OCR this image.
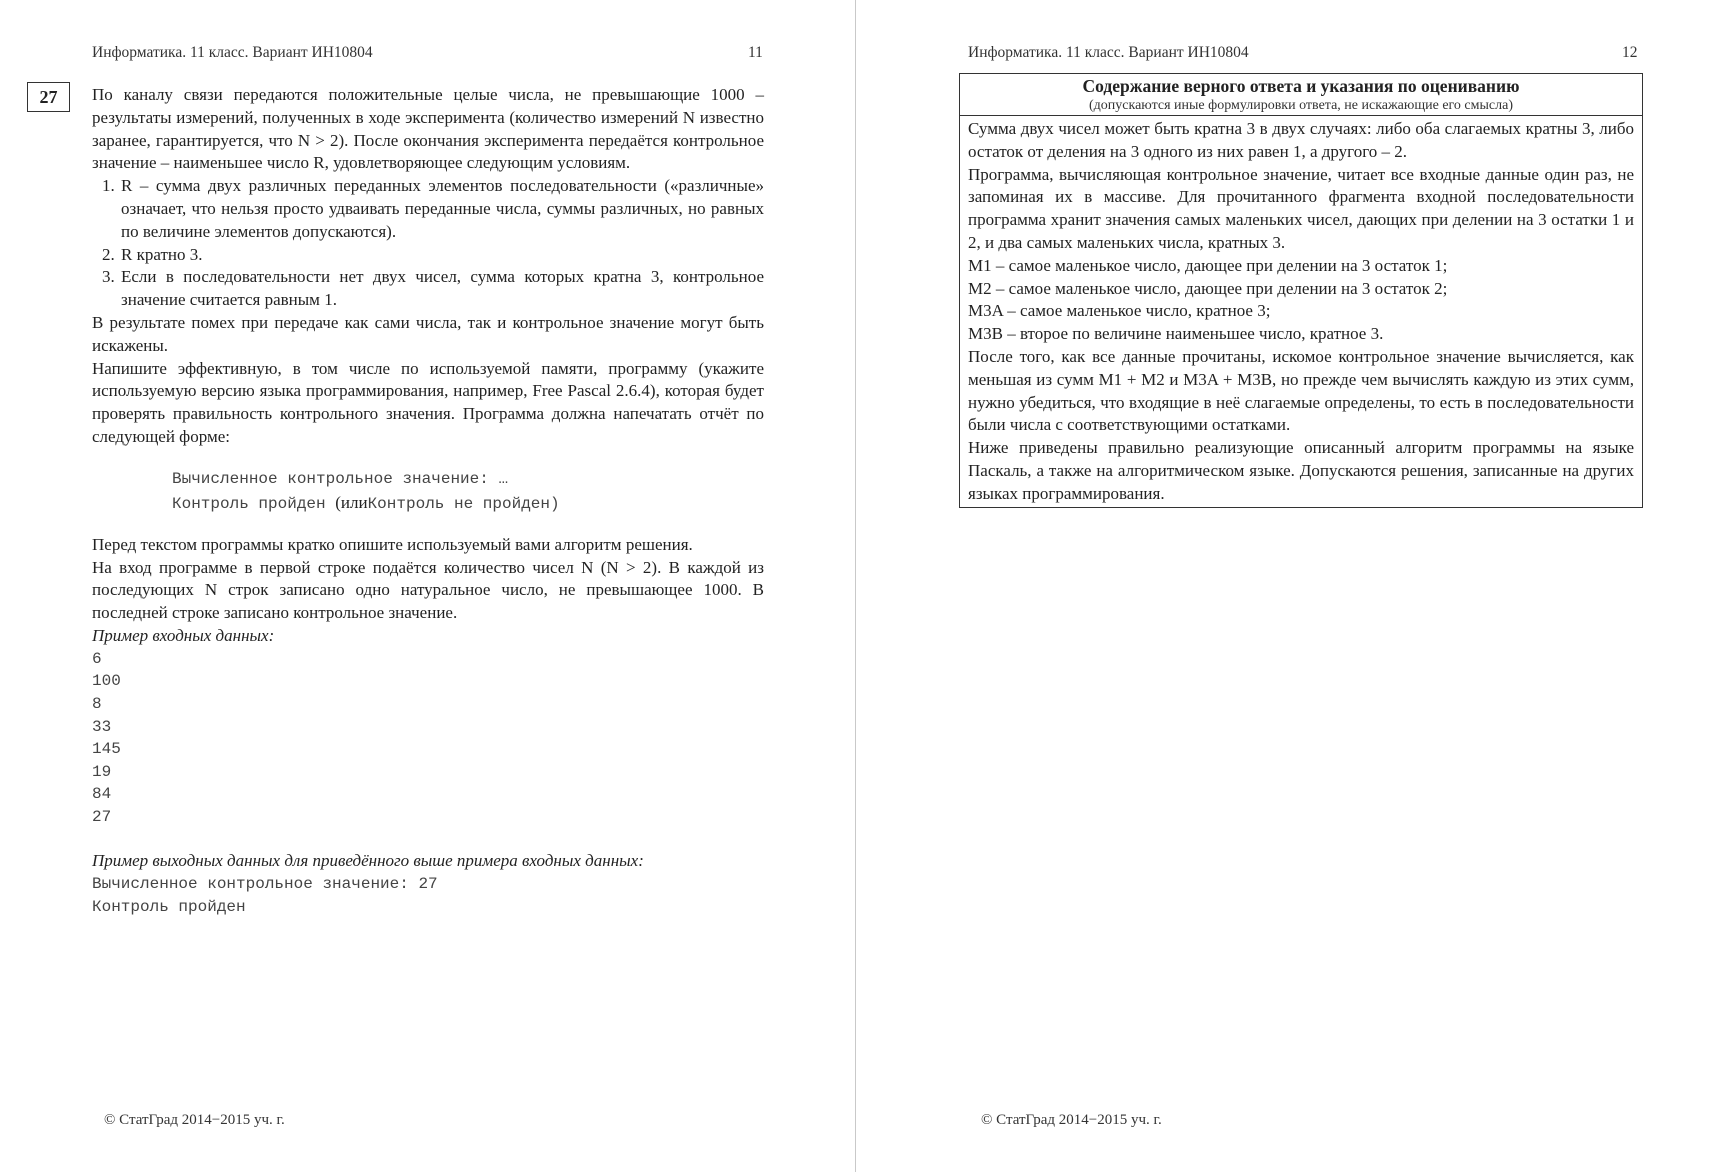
Информатика. 11 класс. Вариант ИН10804	11
27	По каналу связи передаются положительные целые числа, не превышающие 1000 – результаты измерений, полученных в ходе эксперимента (количество измерений N известно заранее, гарантируется, что N > 2). После окончания эксперимента передаётся контрольное значение – наименьшее число R, удовлетворяющее следующим условиям.

1. R – сумма двух различных переданных элементов последовательности («различные» означает, что нельзя просто удваивать переданные числа, суммы различных, но равных по величине элементов допускаются).
2. R кратно 3.
3. Если в последовательности нет двух чисел, сумма которых кратна 3, контрольное значение считается равным 1.

В результате помех при передаче как сами числа, так и контрольное значение могут быть искажены.

Напишите эффективную, в том числе по используемой памяти, программу (укажите используемую версию языка программирования, например, Free Pascal 2.6.4), которая будет проверять правильность контрольного значения. Программа должна напечатать отчёт по следующей форме:

Вычисленное контрольное значение: …
Контроль пройден (илиКонтроль не пройден)

Перед текстом программы кратко опишите используемый вами алгоритм решения.

На вход программе в первой строке подаётся количество чисел N (N > 2). В каждой из последующих N строк записано одно натуральное число, не превышающее 1000. В последней строке записано контрольное значение.

Пример входных данных:
6
100
8
33
145
19
84
27
Пример выходных данных для приведённого выше примера входных данных:
Вычисленное контрольное значение: 27
Контроль пройден
© СтатГрад 2014−2015 уч. г.
Информатика. 11 класс. Вариант ИН10804	12
© СтатГрад 2014−2015 уч. г.
Содержание верного ответа и указания по оцениванию
(допускаются иные формулировки ответа, не искажающие его смысла)

Сумма двух чисел может быть кратна 3 в двух случаях: либо оба слагаемых кратны 3, либо остаток от деления на 3 одного из них равен 1, а другого – 2.

Программа, вычисляющая контрольное значение, читает все входные данные один раз, не запоминая их в массиве. Для прочитанного фрагмента входной последовательности программа хранит значения самых маленьких чисел, дающих при делении на 3 остатки 1 и 2, и два самых маленьких числа, кратных 3.

M1 – самое маленькое число, дающее при делении на 3 остаток 1;

M2 – самое маленькое число, дающее при делении на 3 остаток 2;

M3A – самое маленькое число, кратное 3;

M3B – второе по величине наименьшее число, кратное 3.

После того, как все данные прочитаны, искомое контрольное значение вычисляется, как меньшая из сумм M1 + M2 и M3A + M3B, но прежде чем вычислять каждую из этих сумм, нужно убедиться, что входящие в неё слагаемые определены, то есть в последовательности были числа с соответствующими остатками.

Ниже приведены правильно реализующие описанный алгоритм программы на языке Паскаль, а также на алгоритмическом языке. Допускаются решения, записанные на других языках программирования.
